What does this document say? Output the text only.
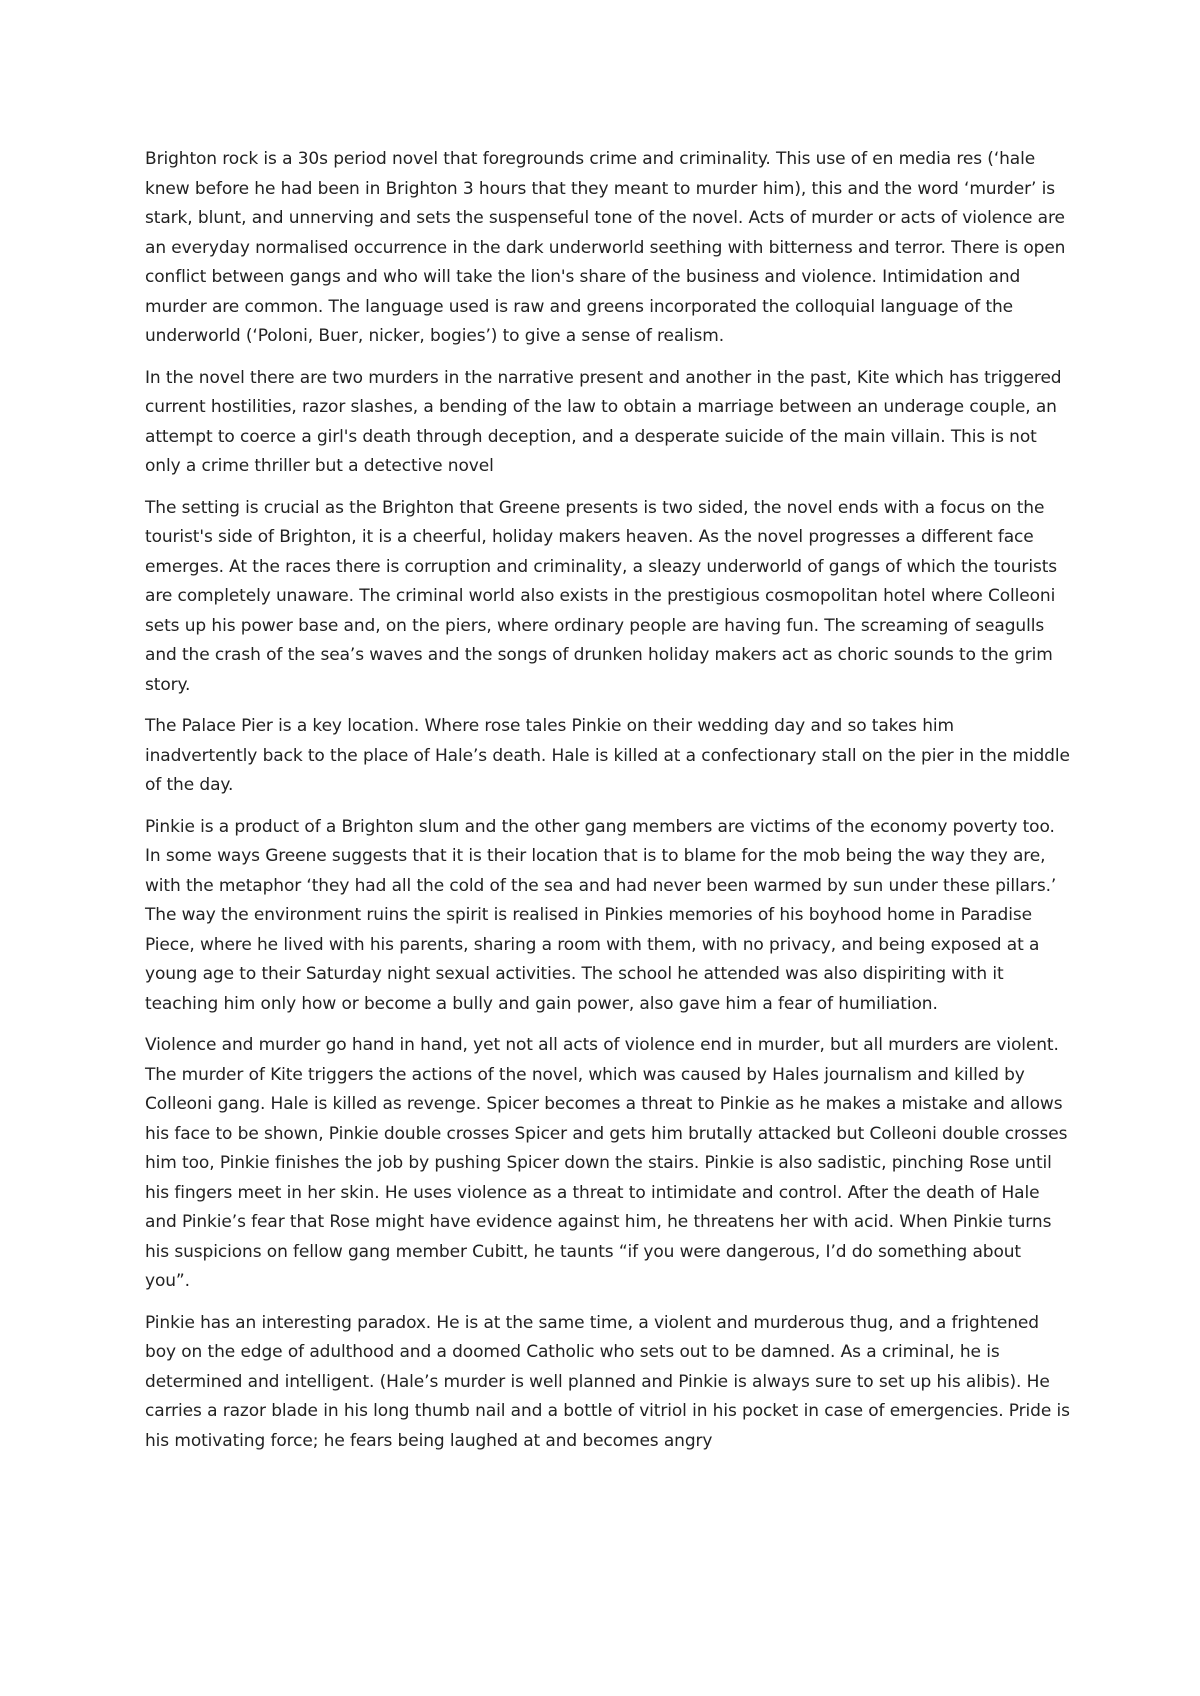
Brighton rock is a 30s period novel that foregrounds crime and criminality. This use of en media res (‘hale knew before he had been in Brighton 3 hours that they meant to murder him), this and the word ‘murder’ is stark, blunt, and unnerving and sets the suspenseful tone of the novel. Acts of murder or acts of violence are an everyday normalised occurrence in the dark underworld seething with bitterness and terror. There is open conflict between gangs and who will take the lion's share of the business and violence. Intimidation and murder are common. The language used is raw and greens incorporated the colloquial language of the underworld (‘Poloni, Buer, nicker, bogies’) to give a sense of realism.

In the novel there are two murders in the narrative present and another in the past, Kite which has triggered current hostilities, razor slashes, a bending of the law to obtain a marriage between an underage couple, an attempt to coerce a girl's death through deception, and a desperate suicide of the main villain. This is not only a crime thriller but a detective novel

The setting is crucial as the Brighton that Greene presents is two sided, the novel ends with a focus on the tourist's side of Brighton, it is a cheerful, holiday makers heaven. As the novel progresses a different face emerges. At the races there is corruption and criminality, a sleazy underworld of gangs of which the tourists are completely unaware. The criminal world also exists in the prestigious cosmopolitan hotel where Colleoni sets up his power base and, on the piers, where ordinary people are having fun. The screaming of seagulls and the crash of the sea’s waves and the songs of drunken holiday makers act as choric sounds to the grim story.

The Palace Pier is a key location. Where rose tales Pinkie on their wedding day and so takes him inadvertently back to the place of Hale’s death. Hale is killed at a confectionary stall on the pier in the middle of the day.

Pinkie is a product of a Brighton slum and the other gang members are victims of the economy poverty too. In some ways Greene suggests that it is their location that is to blame for the mob being the way they are, with the metaphor ‘they had all the cold of the sea and had never been warmed by sun under these pillars.’ The way the environment ruins the spirit is realised in Pinkies memories of his boyhood home in Paradise Piece, where he lived with his parents, sharing a room with them, with no privacy, and being exposed at a young age to their Saturday night sexual activities. The school he attended was also dispiriting with it teaching him only how or become a bully and gain power, also gave him a fear of humiliation.

Violence and murder go hand in hand, yet not all acts of violence end in murder, but all murders are violent. The murder of Kite triggers the actions of the novel, which was caused by Hales journalism and killed by Colleoni gang. Hale is killed as revenge. Spicer becomes a threat to Pinkie as he makes a mistake and allows his face to be shown, Pinkie double crosses Spicer and gets him brutally attacked but Colleoni double crosses him too, Pinkie finishes the job by pushing Spicer down the stairs. Pinkie is also sadistic, pinching Rose until his fingers meet in her skin. He uses violence as a threat to intimidate and control. After the death of Hale and Pinkie’s fear that Rose might have evidence against him, he threatens her with acid. When Pinkie turns his suspicions on fellow gang member Cubitt, he taunts “if you were dangerous, I’d do something about you”.

Pinkie has an interesting paradox. He is at the same time, a violent and murderous thug, and a frightened boy on the edge of adulthood and a doomed Catholic who sets out to be damned. As a criminal, he is determined and intelligent. (Hale’s murder is well planned and Pinkie is always sure to set up his alibis). He carries a razor blade in his long thumb nail and a bottle of vitriol in his pocket in case of emergencies. Pride is his motivating force; he fears being laughed at and becomes angry
